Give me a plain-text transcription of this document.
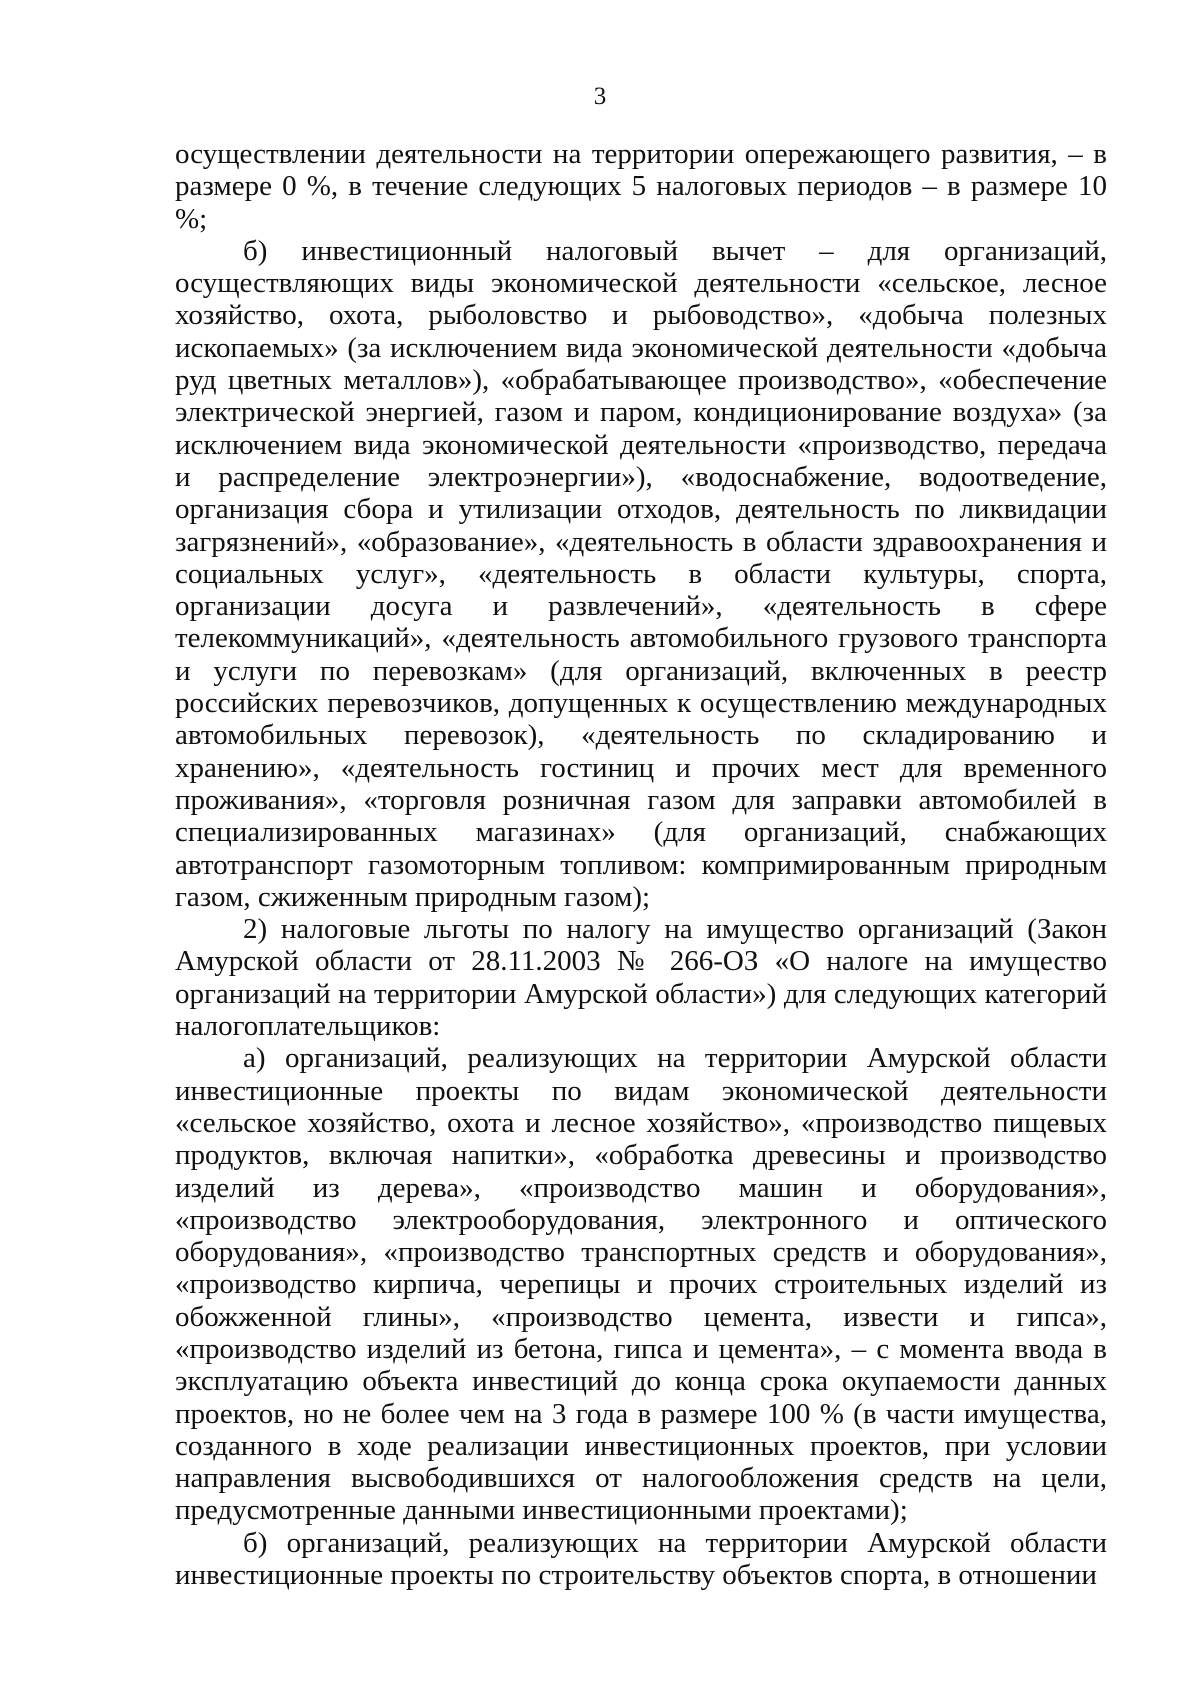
3

осуществлении деятельности на территории опережающего развития, – в размере 0 %, в течение следующих 5 налоговых периодов – в размере 10 %;

б) инвестиционный налоговый вычет – для организаций, осуществляющих виды экономической деятельности «сельское, лесное хозяйство, охота, рыболовство и рыбоводство», «добыча полезных ископаемых» (за исключением вида экономической деятельности «добыча руд цветных металлов»), «обрабатывающее производство», «обеспечение электрической энергией, газом и паром, кондиционирование воздуха» (за исключением вида экономической деятельности «производство, передача и распределение электроэнергии»), «водоснабжение, водоотведение, организация сбора и утилизации отходов, деятельность по ликвидации загрязнений», «образование», «деятельность в области здравоохранения и социальных услуг», «деятельность в области культуры, спорта, организации досуга и развлечений», «деятельность в сфере телекоммуникаций», «деятельность автомобильного грузового транспорта и услуги по перевозкам» (для организаций, включенных в реестр российских перевозчиков, допущенных к осуществлению международных автомобильных перевозок), «деятельность по складированию и хранению», «деятельность гостиниц и прочих мест для временного проживания», «торговля розничная газом для заправки автомобилей в специализированных магазинах» (для организаций, снабжающих автотранспорт газомоторным топливом: компримированным природным газом, сжиженным природным газом);

2) налоговые льготы по налогу на имущество организаций (Закон Амурской области от 28.11.2003 № 266-ОЗ «О налоге на имущество организаций на территории Амурской области») для следующих категорий налогоплательщиков:

а) организаций, реализующих на территории Амурской области инвестиционные проекты по видам экономической деятельности «сельское хозяйство, охота и лесное хозяйство», «производство пищевых продуктов, включая напитки», «обработка древесины и производство изделий из дерева», «производство машин и оборудования», «производство электрооборудования, электронного и оптического оборудования», «производство транспортных средств и оборудования», «производство кирпича, черепицы и прочих строительных изделий из обожженной глины», «производство цемента, извести и гипса», «производство изделий из бетона, гипса и цемента», – с момента ввода в эксплуатацию объекта инвестиций до конца срока окупаемости данных проектов, но не более чем на 3 года в размере 100 % (в части имущества, созданного в ходе реализации инвестиционных проектов, при условии направления высвободившихся от налогообложения средств на цели, предусмотренные данными инвестиционными проектами);

б) организаций, реализующих на территории Амурской области инвестиционные проекты по строительству объектов спорта, в отношении
